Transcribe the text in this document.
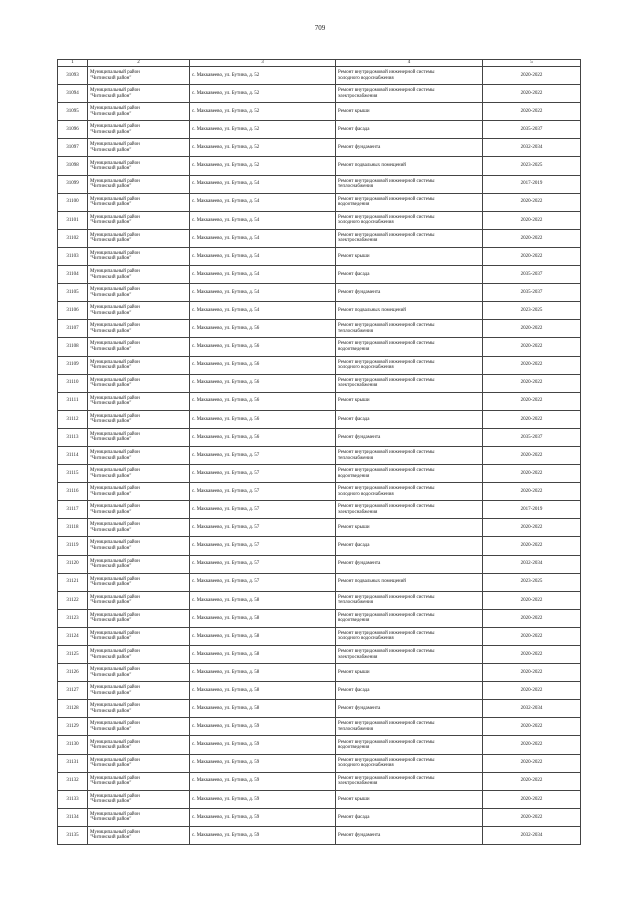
709
1	2	3	4	5
31093	Муниципальный район
"Читинский район"	с. Маккавеево, ул. Бутина, д. 52	Ремонт внутридомовой инженерной системы
холодного водоснабжения	2020-2022
31094	Муниципальный район
"Читинский район"	с. Маккавеево, ул. Бутина, д. 52	Ремонт внутридомовой инженерной системы
электроснабжения	2020-2022
31095	Муниципальный район
"Читинский район"	с. Маккавеево, ул. Бутина, д. 52	Ремонт крыши	2020-2022
31096	Муниципальный район
"Читинский район"	с. Маккавеево, ул. Бутина, д. 52	Ремонт фасада	2035-2037
31097	Муниципальный район
"Читинский район"	с. Маккавеево, ул. Бутина, д. 52	Ремонт фундамента	2032-2034
31098	Муниципальный район
"Читинский район"	с. Маккавеево, ул. Бутина, д. 52	Ремонт подвальных помещений	2023-2025
31099	Муниципальный район
"Читинский район"	с. Маккавеево, ул. Бутина, д. 54	Ремонт внутридомовой инженерной системы
теплоснабжения	2017-2019
31100	Муниципальный район
"Читинский район"	с. Маккавеево, ул. Бутина, д. 54	Ремонт внутридомовой инженерной системы
водоотведения	2020-2022
31101	Муниципальный район
"Читинский район"	с. Маккавеево, ул. Бутина, д. 54	Ремонт внутридомовой инженерной системы
холодного водоснабжения	2020-2022
31102	Муниципальный район
"Читинский район"	с. Маккавеево, ул. Бутина, д. 54	Ремонт внутридомовой инженерной системы
электроснабжения	2020-2022
31103	Муниципальный район
"Читинский район"	с. Маккавеево, ул. Бутина, д. 54	Ремонт крыши	2020-2022
31104	Муниципальный район
"Читинский район"	с. Маккавеево, ул. Бутина, д. 54	Ремонт фасада	2035-2037
31105	Муниципальный район
"Читинский район"	с. Маккавеево, ул. Бутина, д. 54	Ремонт фундамента	2035-2037
31106	Муниципальный район
"Читинский район"	с. Маккавеево, ул. Бутина, д. 54	Ремонт подвальных помещений	2023-2025
31107	Муниципальный район
"Читинский район"	с. Маккавеево, ул. Бутина, д. 56	Ремонт внутридомовой инженерной системы
теплоснабжения	2020-2022
31108	Муниципальный район
"Читинский район"	с. Маккавеево, ул. Бутина, д. 56	Ремонт внутридомовой инженерной системы
водоотведения	2020-2022
31109	Муниципальный район
"Читинский район"	с. Маккавеево, ул. Бутина, д. 56	Ремонт внутридомовой инженерной системы
холодного водоснабжения	2020-2022
31110	Муниципальный район
"Читинский район"	с. Маккавеево, ул. Бутина, д. 56	Ремонт внутридомовой инженерной системы
электроснабжения	2020-2022
31111	Муниципальный район
"Читинский район"	с. Маккавеево, ул. Бутина, д. 56	Ремонт крыши	2020-2022
31112	Муниципальный район
"Читинский район"	с. Маккавеево, ул. Бутина, д. 56	Ремонт фасада	2020-2022
31113	Муниципальный район
"Читинский район"	с. Маккавеево, ул. Бутина, д. 56	Ремонт фундамента	2035-2037
31114	Муниципальный район
"Читинский район"	с. Маккавеево, ул. Бутина, д. 57	Ремонт внутридомовой инженерной системы
теплоснабжения	2020-2022
31115	Муниципальный район
"Читинский район"	с. Маккавеево, ул. Бутина, д. 57	Ремонт внутридомовой инженерной системы
водоотведения	2020-2022
31116	Муниципальный район
"Читинский район"	с. Маккавеево, ул. Бутина, д. 57	Ремонт внутридомовой инженерной системы
холодного водоснабжения	2020-2022
31117	Муниципальный район
"Читинский район"	с. Маккавеево, ул. Бутина, д. 57	Ремонт внутридомовой инженерной системы
электроснабжения	2017-2019
31118	Муниципальный район
"Читинский район"	с. Маккавеево, ул. Бутина, д. 57	Ремонт крыши	2020-2022
31119	Муниципальный район
"Читинский район"	с. Маккавеево, ул. Бутина, д. 57	Ремонт фасада	2020-2022
31120	Муниципальный район
"Читинский район"	с. Маккавеево, ул. Бутина, д. 57	Ремонт фундамента	2032-2034
31121	Муниципальный район
"Читинский район"	с. Маккавеево, ул. Бутина, д. 57	Ремонт подвальных помещений	2023-2025
31122	Муниципальный район
"Читинский район"	с. Маккавеево, ул. Бутина, д. 58	Ремонт внутридомовой инженерной системы
теплоснабжения	2020-2022
31123	Муниципальный район
"Читинский район"	с. Маккавеево, ул. Бутина, д. 58	Ремонт внутридомовой инженерной системы
водоотведения	2020-2022
31124	Муниципальный район
"Читинский район"	с. Маккавеево, ул. Бутина, д. 58	Ремонт внутридомовой инженерной системы
холодного водоснабжения	2020-2022
31125	Муниципальный район
"Читинский район"	с. Маккавеево, ул. Бутина, д. 58	Ремонт внутридомовой инженерной системы
электроснабжения	2020-2022
31126	Муниципальный район
"Читинский район"	с. Маккавеево, ул. Бутина, д. 58	Ремонт крыши	2020-2022
31127	Муниципальный район
"Читинский район"	с. Маккавеево, ул. Бутина, д. 58	Ремонт фасада	2020-2022
31128	Муниципальный район
"Читинский район"	с. Маккавеево, ул. Бутина, д. 58	Ремонт фундамента	2032-2034
31129	Муниципальный район
"Читинский район"	с. Маккавеево, ул. Бутина, д. 59	Ремонт внутридомовой инженерной системы
теплоснабжения	2020-2022
31130	Муниципальный район
"Читинский район"	с. Маккавеево, ул. Бутина, д. 59	Ремонт внутридомовой инженерной системы
водоотведения	2020-2022
31131	Муниципальный район
"Читинский район"	с. Маккавеево, ул. Бутина, д. 59	Ремонт внутридомовой инженерной системы
холодного водоснабжения	2020-2022
31132	Муниципальный район
"Читинский район"	с. Маккавеево, ул. Бутина, д. 59	Ремонт внутридомовой инженерной системы
электроснабжения	2020-2022
31133	Муниципальный район
"Читинский район"	с. Маккавеево, ул. Бутина, д. 59	Ремонт крыши	2020-2022
31134	Муниципальный район
"Читинский район"	с. Маккавеево, ул. Бутина, д. 59	Ремонт фасада	2020-2022
31135	Муниципальный район
"Читинский район"	с. Маккавеево, ул. Бутина, д. 59	Ремонт фундамента	2032-2034
